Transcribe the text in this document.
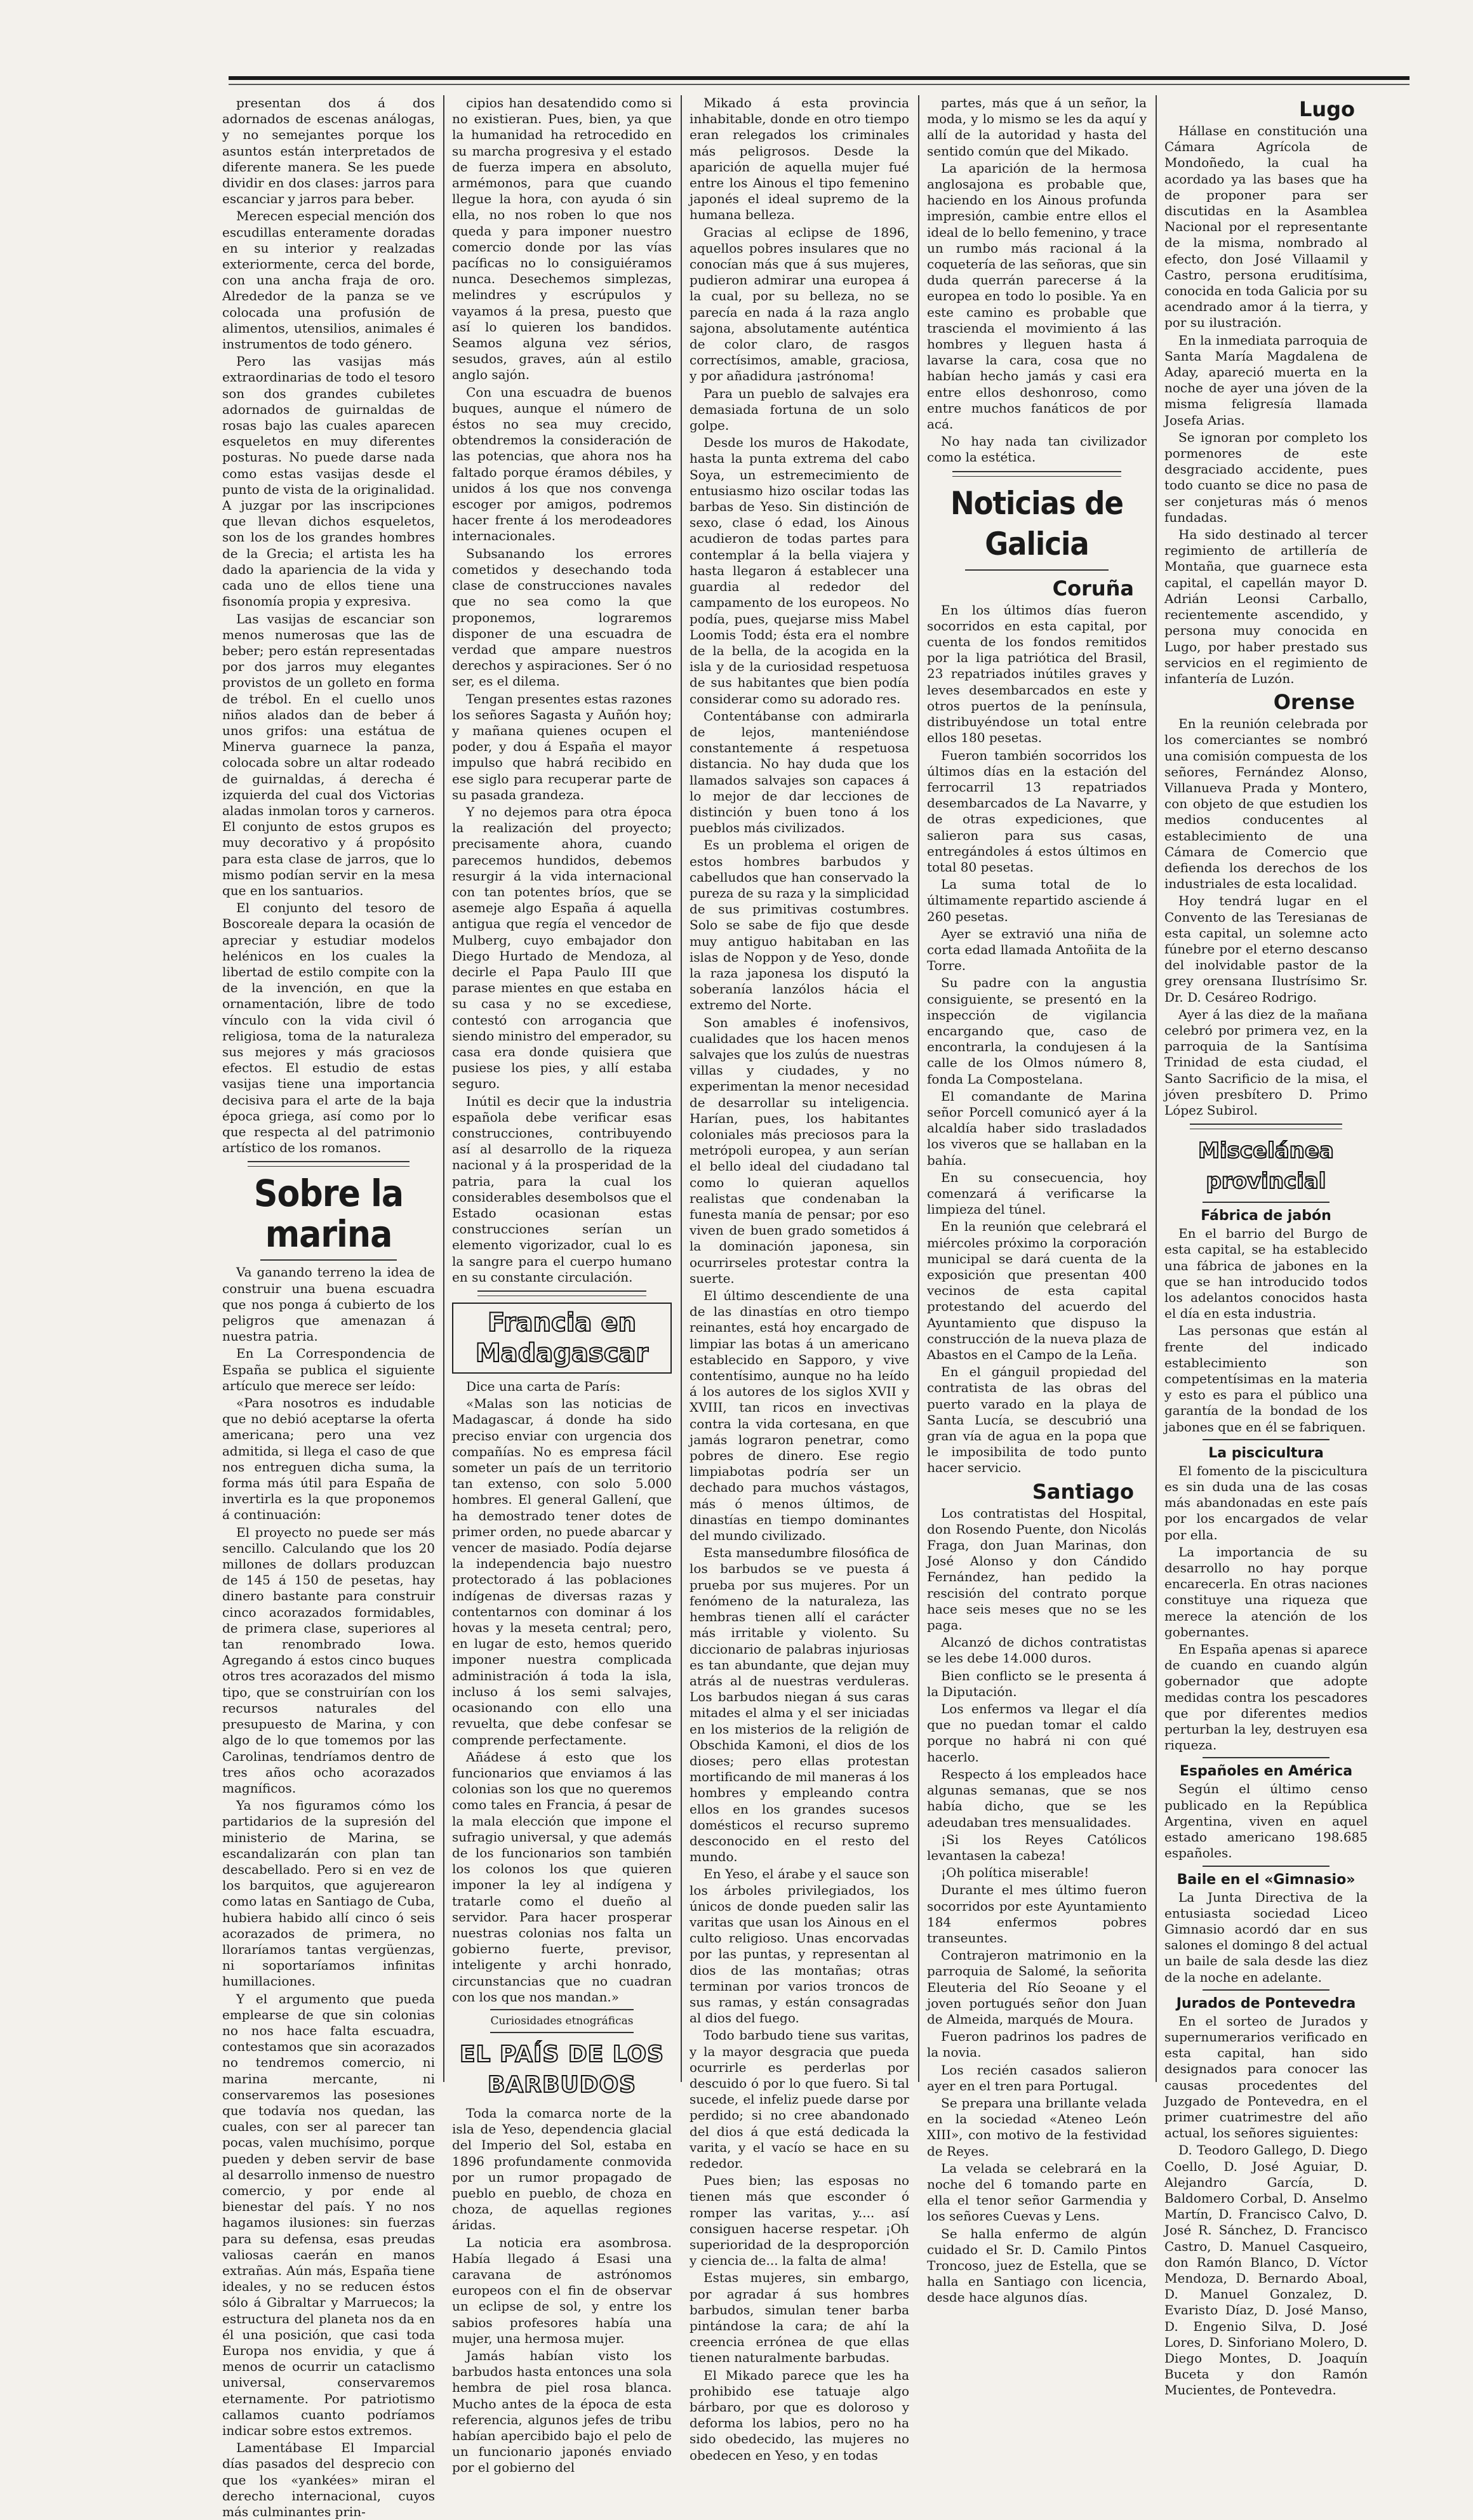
presentan dos á dos adornados de escenas análogas, y no semejantes porque los asuntos están interpretados de diferente manera. Se les puede dividir en dos clases: jarros para escanciar y jarros para beber.

Merecen especial mención dos escudillas enteramente doradas en su interior y realzadas exteriormente, cerca del borde, con una ancha fraja de oro. Alrededor de la panza se ve colocada una profusión de alimentos, utensilios, animales é instrumentos de todo género.

Pero las vasijas más extraordinarias de todo el tesoro son dos grandes cubiletes adornados de guirnaldas de rosas bajo las cuales aparecen esqueletos en muy diferentes posturas. No puede darse nada como estas vasijas desde el punto de vista de la originalidad. A juzgar por las inscripciones que llevan dichos esqueletos, son los de los grandes hombres de la Grecia; el artista les ha dado la apariencia de la vida y cada uno de ellos tiene una fisonomía propia y expresiva.

Las vasijas de escanciar son menos numerosas que las de beber; pero están representadas por dos jarros muy elegantes provistos de un golleto en forma de trébol. En el cuello unos niños alados dan de beber á unos grifos: una estátua de Minerva guarnece la panza, colocada sobre un altar rodeado de guirnaldas, á derecha é izquierda del cual dos Victorias aladas inmolan toros y carneros. El conjunto de estos grupos es muy decorativo y á propósito para esta clase de jarros, que lo mismo podían servir en la mesa que en los santuarios.

El conjunto del tesoro de Boscoreale depara la ocasión de apreciar y estudiar modelos helénicos en los cuales la libertad de estilo compite con la de la invención, en que la ornamentación, libre de todo vínculo con la vida civil ó religiosa, toma de la naturaleza sus mejores y más graciosos efectos. El estudio de estas vasijas tiene una importancia decisiva para el arte de la baja época griega, así como por lo que respecta al del patrimonio artístico de los romanos.

Sobre la marina

Va ganando terreno la idea de construir una buena escuadra que nos ponga á cubierto de los peligros que amenazan á nuestra patria.

En La Correspondencia de España se publica el siguiente artículo que merece ser leído:

«Para nosotros es indudable que no debió aceptarse la oferta americana; pero una vez admitida, si llega el caso de que nos entreguen dicha suma, la forma más útil para España de invertirla es la que proponemos á continuación:

El proyecto no puede ser más sencillo. Calculando que los 20 millones de dollars produzcan de 145 á 150 de pesetas, hay dinero bastante para construir cinco acorazados formidables, de primera clase, superiores al tan renombrado Iowa. Agregando á estos cinco buques otros tres acorazados del mismo tipo, que se construirían con los recursos naturales del presupuesto de Marina, y con algo de lo que tomemos por las Carolinas, tendríamos dentro de tres años ocho acorazados magníficos.

Ya nos figuramos cómo los partidarios de la supresión del ministerio de Marina, se escandalizarán con plan tan descabellado. Pero si en vez de los barquitos, que agujerearon como latas en Santiago de Cuba, hubiera habido allí cinco ó seis acorazados de primera, no lloraríamos tantas vergüenzas, ni soportaríamos infinitas humillaciones.

Y el argumento que pueda emplearse de que sin colonias no nos hace falta escuadra, contestamos que sin acorazados no tendremos comercio, ni marina mercante, ni conservaremos las posesiones que todavía nos quedan, las cuales, con ser al parecer tan pocas, valen muchísimo, porque pueden y deben servir de base al desarrollo inmenso de nuestro comercio, y por ende al bienestar del país. Y no nos hagamos ilusiones: sin fuerzas para su defensa, esas preudas valiosas caerán en manos extrañas. Aún más, España tiene ideales, y no se reducen éstos sólo á Gibraltar y Marruecos; la estructura del planeta nos da en él una posición, que casi toda Europa nos envidia, y que á menos de ocurrir un cataclismo universal, conservaremos eternamente. Por patriotismo callamos cuanto podríamos indicar sobre estos extremos.

Lamentábase El Imparcial días pasados del desprecio con que los «yankées» miran el derecho internacional, cuyos más culminantes prin-

cipios han desatendido como si no existieran. Pues, bien, ya que la humanidad ha retrocedido en su marcha progresiva y el estado de fuerza impera en absoluto, armémonos, para que cuando llegue la hora, con ayuda ó sin ella, no nos roben lo que nos queda y para imponer nuestro comercio donde por las vías pacíficas no lo consiguiéramos nunca. Desechemos simplezas, melindres y escrúpulos y vayamos á la presa, puesto que así lo quieren los bandidos. Seamos alguna vez sérios, sesudos, graves, aún al estilo anglo sajón.

Con una escuadra de buenos buques, aunque el número de éstos no sea muy crecido, obtendremos la consideración de las potencias, que ahora nos ha faltado porque éramos débiles, y unidos á los que nos convenga escoger por amigos, podremos hacer frente á los merodeadores internacionales.

Subsanando los errores cometidos y desechando toda clase de construcciones navales que no sea como la que proponemos, lograremos disponer de una escuadra de verdad que ampare nuestros derechos y aspiraciones. Ser ó no ser, es el dilema.

Tengan presentes estas razones los señores Sagasta y Auñón hoy; y mañana quienes ocupen el poder, y dou á España el mayor impulso que habrá recibido en ese siglo para recuperar parte de su pasada grandeza.

Y no dejemos para otra época la realización del proyecto; precisamente ahora, cuando parecemos hundidos, debemos resurgir á la vida internacional con tan potentes bríos, que se asemeje algo España á aquella antigua que regía el vencedor de Mulberg, cuyo embajador don Diego Hurtado de Mendoza, al decirle el Papa Paulo III que parase mientes en que estaba en su casa y no se excediese, contestó con arrogancia que siendo ministro del emperador, su casa era donde quisiera que pusiese los pies, y allí estaba seguro.

Inútil es decir que la industria española debe verificar esas construcciones, contribuyendo así al desarrollo de la riqueza nacional y á la prosperidad de la patria, para la cual los considerables desembolsos que el Estado ocasionan estas construcciones serían un elemento vigorizador, cual lo es la sangre para el cuerpo humano en su constante circulación.

Francia en Madagascar

Dice una carta de París:

«Malas son las noticias de Madagascar, á donde ha sido preciso enviar con urgencia dos compañías. No es empresa fácil someter un país de un territorio tan extenso, con solo 5.000 hombres. El general Gallení, que ha demostrado tener dotes de primer orden, no puede abarcar y vencer de masiado. Podía dejarse la independencia bajo nuestro protectorado á las poblaciones indígenas de diversas razas y contentarnos con dominar á los hovas y la meseta central; pero, en lugar de esto, hemos querido imponer nuestra complicada administración á toda la isla, incluso á los semi salvajes, ocasionando con ello una revuelta, que debe confesar se comprende perfectamente.

Añádese á esto que los funcionarios que enviamos á las colonias son los que no queremos como tales en Francia, á pesar de la mala elección que impone el sufragio universal, y que además de los funcionarios son también los colonos los que quieren imponer la ley al indígena y tratarle como el dueño al servidor. Para hacer prosperar nuestras colonias nos falta un gobierno fuerte, previsor, inteligente y archi honrado, circunstancias que no cuadran con los que nos mandan.»

Curiosidades etnográficas
EL PAÍS DE LOS BARBUDOS

Toda la comarca norte de la isla de Yeso, dependencia glacial del Imperio del Sol, estaba en 1896 profundamente conmovida por un rumor propagado de pueblo en pueblo, de choza en choza, de aquellas regiones áridas.

La noticia era asombrosa. Había llegado á Esasi una caravana de astrónomos europeos con el fin de observar un eclipse de sol, y entre los sabios profesores había una mujer, una hermosa mujer.

Jamás habían visto los barbudos hasta entonces una sola hembra de piel rosa blanca. Mucho antes de la época de esta referencia, algunos jefes de tribu habían apercibido bajo el pelo de un funcionario japonés enviado por el gobierno del

Mikado á esta provincia inhabitable, donde en otro tiempo eran relegados los criminales más peligrosos. Desde la aparición de aquella mujer fué entre los Ainous el tipo femenino japonés el ideal supremo de la humana belleza.

Gracias al eclipse de 1896, aquellos pobres insulares que no conocían más que á sus mujeres, pudieron admirar una europea á la cual, por su belleza, no se parecía en nada á la raza anglo sajona, absolutamente auténtica de color claro, de rasgos correctísimos, amable, graciosa, y por añadidura ¡astrónoma!

Para un pueblo de salvajes era demasiada fortuna de un solo golpe.

Desde los muros de Hakodate, hasta la punta extrema del cabo Soya, un estremecimiento de entusiasmo hizo oscilar todas las barbas de Yeso. Sin distinción de sexo, clase ó edad, los Ainous acudieron de todas partes para contemplar á la bella viajera y hasta llegaron á establecer una guardia al rededor del campamento de los europeos. No podía, pues, quejarse miss Mabel Loomis Todd; ésta era el nombre de la bella, de la acogida en la isla y de la curiosidad respetuosa de sus habitantes que bien podía considerar como su adorado res.

Contentábanse con admirarla de lejos, manteniéndose constantemente á respetuosa distancia. No hay duda que los llamados salvajes son capaces á lo mejor de dar lecciones de distinción y buen tono á los pueblos más civilizados.

Es un problema el origen de estos hombres barbudos y cabelludos que han conservado la pureza de su raza y la simplicidad de sus primitivas costumbres. Solo se sabe de fijo que desde muy antiguo habitaban en las islas de Noppon y de Yeso, donde la raza japonesa los disputó la soberanía lanzólos hácia el extremo del Norte.

Son amables é inofensivos, cualidades que los hacen menos salvajes que los zulús de nuestras villas y ciudades, y no experimentan la menor necesidad de desarrollar su inteligencia. Harían, pues, los habitantes coloniales más preciosos para la metrópoli europea, y aun serían el bello ideal del ciudadano tal como lo quieran aquellos realistas que condenaban la funesta manía de pensar; por eso viven de buen grado sometidos á la dominación japonesa, sin ocurrirseles protestar contra la suerte.

El último descendiente de una de las dinastías en otro tiempo reinantes, está hoy encargado de limpiar las botas á un americano establecido en Sapporo, y vive contentísimo, aunque no ha leído á los autores de los siglos XVII y XVIII, tan ricos en invectivas contra la vida cortesana, en que jamás lograron penetrar, como pobres de dinero. Ese regio limpiabotas podría ser un dechado para muchos vástagos, más ó menos últimos, de dinastías en tiempo dominantes del mundo civilizado.

Esta mansedumbre filosófica de los barbudos se ve puesta á prueba por sus mujeres. Por un fenómeno de la naturaleza, las hembras tienen allí el carácter más irritable y violento. Su diccionario de palabras injuriosas es tan abundante, que dejan muy atrás al de nuestras verduleras. Los barbudos niegan á sus caras mitades el alma y el ser iniciadas en los misterios de la religión de Obschida Kamoni, el dios de los dioses; pero ellas protestan mortificando de mil maneras á los hombres y empleando contra ellos en los grandes sucesos domésticos el recurso supremo desconocido en el resto del mundo.

En Yeso, el árabe y el sauce son los árboles privilegiados, los únicos de donde pueden salir las varitas que usan los Ainous en el culto religioso. Unas encorvadas por las puntas, y representan al dios de las montañas; otras terminan por varios troncos de sus ramas, y están consagradas al dios del fuego.

Todo barbudo tiene sus varitas, y la mayor desgracia que pueda ocurrirle es perderlas por descuido ó por lo que fuero. Si tal sucede, el infeliz puede darse por perdido; si no cree abandonado del dios á que está dedicada la varita, y el vacío se hace en su rededor.

Pues bien; las esposas no tienen más que esconder ó romper las varitas, y.... así consiguen hacerse respetar. ¡Oh superioridad de la desproporción y ciencia de... la falta de alma!

Estas mujeres, sin embargo, por agradar á sus hombres barbudos, simulan tener barba pintándose la cara; de ahí la creencia errónea de que ellas tienen naturalmente barbudas.

El Mikado parece que les ha prohibido ese tatuaje algo bárbaro, por que es doloroso y deforma los labios, pero no ha sido obedecido, las mujeres no obedecen en Yeso, y en todas

partes, más que á un señor, la moda, y lo mismo se les da aquí y allí de la autoridad y hasta del sentido común que del Mikado.

La aparición de la hermosa anglosajona es probable que, haciendo en los Ainous profunda impresión, cambie entre ellos el ideal de lo bello femenino, y trace un rumbo más racional á la coquetería de las señoras, que sin duda querrán parecerse á la europea en todo lo posible. Ya en este camino es probable que trascienda el movimiento á las hombres y lleguen hasta á lavarse la cara, cosa que no habían hecho jamás y casi era entre ellos deshonroso, como entre muchos fanáticos de por acá.

No hay nada tan civilizador como la estética.

Noticias de Galicia
Coruña

En los últimos días fueron socorridos en esta capital, por cuenta de los fondos remitidos por la liga patriótica del Brasil, 23 repatriados inútiles graves y leves desembarcados en este y otros puertos de la península, distribuyéndose un total entre ellos 180 pesetas.

Fueron también socorridos los últimos días en la estación del ferrocarril 13 repatriados desembarcados de La Navarre, y de otras expediciones, que salieron para sus casas, entregándoles á estos últimos en total 80 pesetas.

La suma total de lo últimamente repartido asciende á 260 pesetas.

Ayer se extravió una niña de corta edad llamada Antoñita de la Torre.

Su padre con la angustia consiguiente, se presentó en la inspección de vigilancia encargando que, caso de encontrarla, la condujesen á la calle de los Olmos número 8, fonda La Compostelana.

El comandante de Marina señor Porcell comunicó ayer á la alcaldía haber sido trasladados los viveros que se hallaban en la bahía.

En su consecuencia, hoy comenzará á verificarse la limpieza del túnel.

En la reunión que celebrará el miércoles próximo la corporación municipal se dará cuenta de la exposición que presentan 400 vecinos de esta capital protestando del acuerdo del Ayuntamiento que dispuso la construcción de la nueva plaza de Abastos en el Campo de la Leña.

En el gánguil propiedad del contratista de las obras del puerto varado en la playa de Santa Lucía, se descubrió una gran vía de agua en la popa que le imposibilita de todo punto hacer servicio.

Santiago

Los contratistas del Hospital, don Rosendo Puente, don Nicolás Fraga, don Juan Marinas, don José Alonso y don Cándido Fernández, han pedido la rescisión del contrato porque hace seis meses que no se les paga.

Alcanzó de dichos contratistas se les debe 14.000 duros.

Bien conflicto se le presenta á la Diputación.

Los enfermos va llegar el día que no puedan tomar el caldo porque no habrá ni con qué hacerlo.

Respecto á los empleados hace algunas semanas, que se nos había dicho, que se les adeudaban tres mensualidades.

¡Si los Reyes Católicos levantasen la cabeza!

¡Oh política miserable!

Durante el mes último fueron socorridos por este Ayuntamiento 184 enfermos pobres transeuntes.

Contrajeron matrimonio en la parroquia de Salomé, la señorita Eleuteria del Río Seoane y el joven portugués señor don Juan de Almeida, marqués de Moura.

Fueron padrinos los padres de la novia.

Los recién casados salieron ayer en el tren para Portugal.

Se prepara una brillante velada en la sociedad «Ateneo León XIII», con motivo de la festividad de Reyes.

La velada se celebrará en la noche del 6 tomando parte en ella el tenor señor Garmendia y los señores Cuevas y Lens.

Se halla enfermo de algún cuidado el Sr. D. Camilo Pintos Troncoso, juez de Estella, que se halla en Santiago con licencia, desde hace algunos días.

Lugo

Hállase en constitución una Cámara Agrícola de Mondoñedo, la cual ha acordado ya las bases que ha de proponer para ser discutidas en la Asamblea Nacional por el representante de la misma, nombrado al efecto, don José Villaamil y Castro, persona eruditísima, conocida en toda Galicia por su acendrado amor á la tierra, y por su ilustración.

En la inmediata parroquia de Santa María Magdalena de Aday, apareció muerta en la noche de ayer una jóven de la misma feligresía llamada Josefa Arias.

Se ignoran por completo los pormenores de este desgraciado accidente, pues todo cuanto se dice no pasa de ser conjeturas más ó menos fundadas.

Ha sido destinado al tercer regimiento de artillería de Montaña, que guarnece esta capital, el capellán mayor D. Adrián Leonsi Carballo, recientemente ascendido, y persona muy conocida en Lugo, por haber prestado sus servicios en el regimiento de infantería de Luzón.

Orense

En la reunión celebrada por los comerciantes se nombró una comisión compuesta de los señores, Fernández Alonso, Villanueva Prada y Montero, con objeto de que estudien los medios conducentes al establecimiento de una Cámara de Comercio que defienda los derechos de los industriales de esta localidad.

Hoy tendrá lugar en el Convento de las Teresianas de esta capital, un solemne acto fúnebre por el eterno descanso del inolvidable pastor de la grey orensana Ilustrísimo Sr. Dr. D. Cesáreo Rodrigo.

Ayer á las diez de la mañana celebró por primera vez, en la parroquia de la Santísima Trinidad de esta ciudad, el Santo Sacrificio de la misa, el jóven presbítero D. Primo López Subirol.

Miscelánea provincial
Fábrica de jabón

En el barrio del Burgo de esta capital, se ha establecido una fábrica de jabones en la que se han introducido todos los adelantos conocidos hasta el día en esta industria.

Las personas que están al frente del indicado establecimiento son competentísimas en la materia y esto es para el público una garantía de la bondad de los jabones que en él se fabriquen.

La piscicultura

El fomento de la piscicultura es sin duda una de las cosas más abandonadas en este país por los encargados de velar por ella.

La importancia de su desarrollo no hay porque encarecerla. En otras naciones constituye una riqueza que merece la atención de los gobernantes.

En España apenas si aparece de cuando en cuando algún gobernador que adopte medidas contra los pescadores que por diferentes medios perturban la ley, destruyen esa riqueza.

Españoles en América

Según el último censo publicado en la República Argentina, viven en aquel estado americano 198.685 españoles.

Baile en el «Gimnasio»

La Junta Directiva de la entusiasta sociedad Liceo Gimnasio acordó dar en sus salones el domingo 8 del actual un baile de sala desde las diez de la noche en adelante.

Jurados de Pontevedra

En el sorteo de Jurados y supernumerarios verificado en esta capital, han sido designados para conocer las causas procedentes del Juzgado de Pontevedra, en el primer cuatrimestre del año actual, los señores siguientes:

D. Teodoro Gallego, D. Diego Coello, D. José Aguiar, D. Alejandro García, D. Baldomero Corbal, D. Anselmo Martín, D. Francisco Calvo, D. José R. Sánchez, D. Francisco Castro, D. Manuel Casqueiro, don Ramón Blanco, D. Víctor Mendoza, D. Bernardo Aboal, D. Manuel Gonzalez, D. Evaristo Díaz, D. José Manso, D. Engenio Silva, D. José Lores, D. Sinforiano Molero, D. Diego Montes, D. Joaquín Buceta y don Ramón Mucientes, de Pontevedra.
